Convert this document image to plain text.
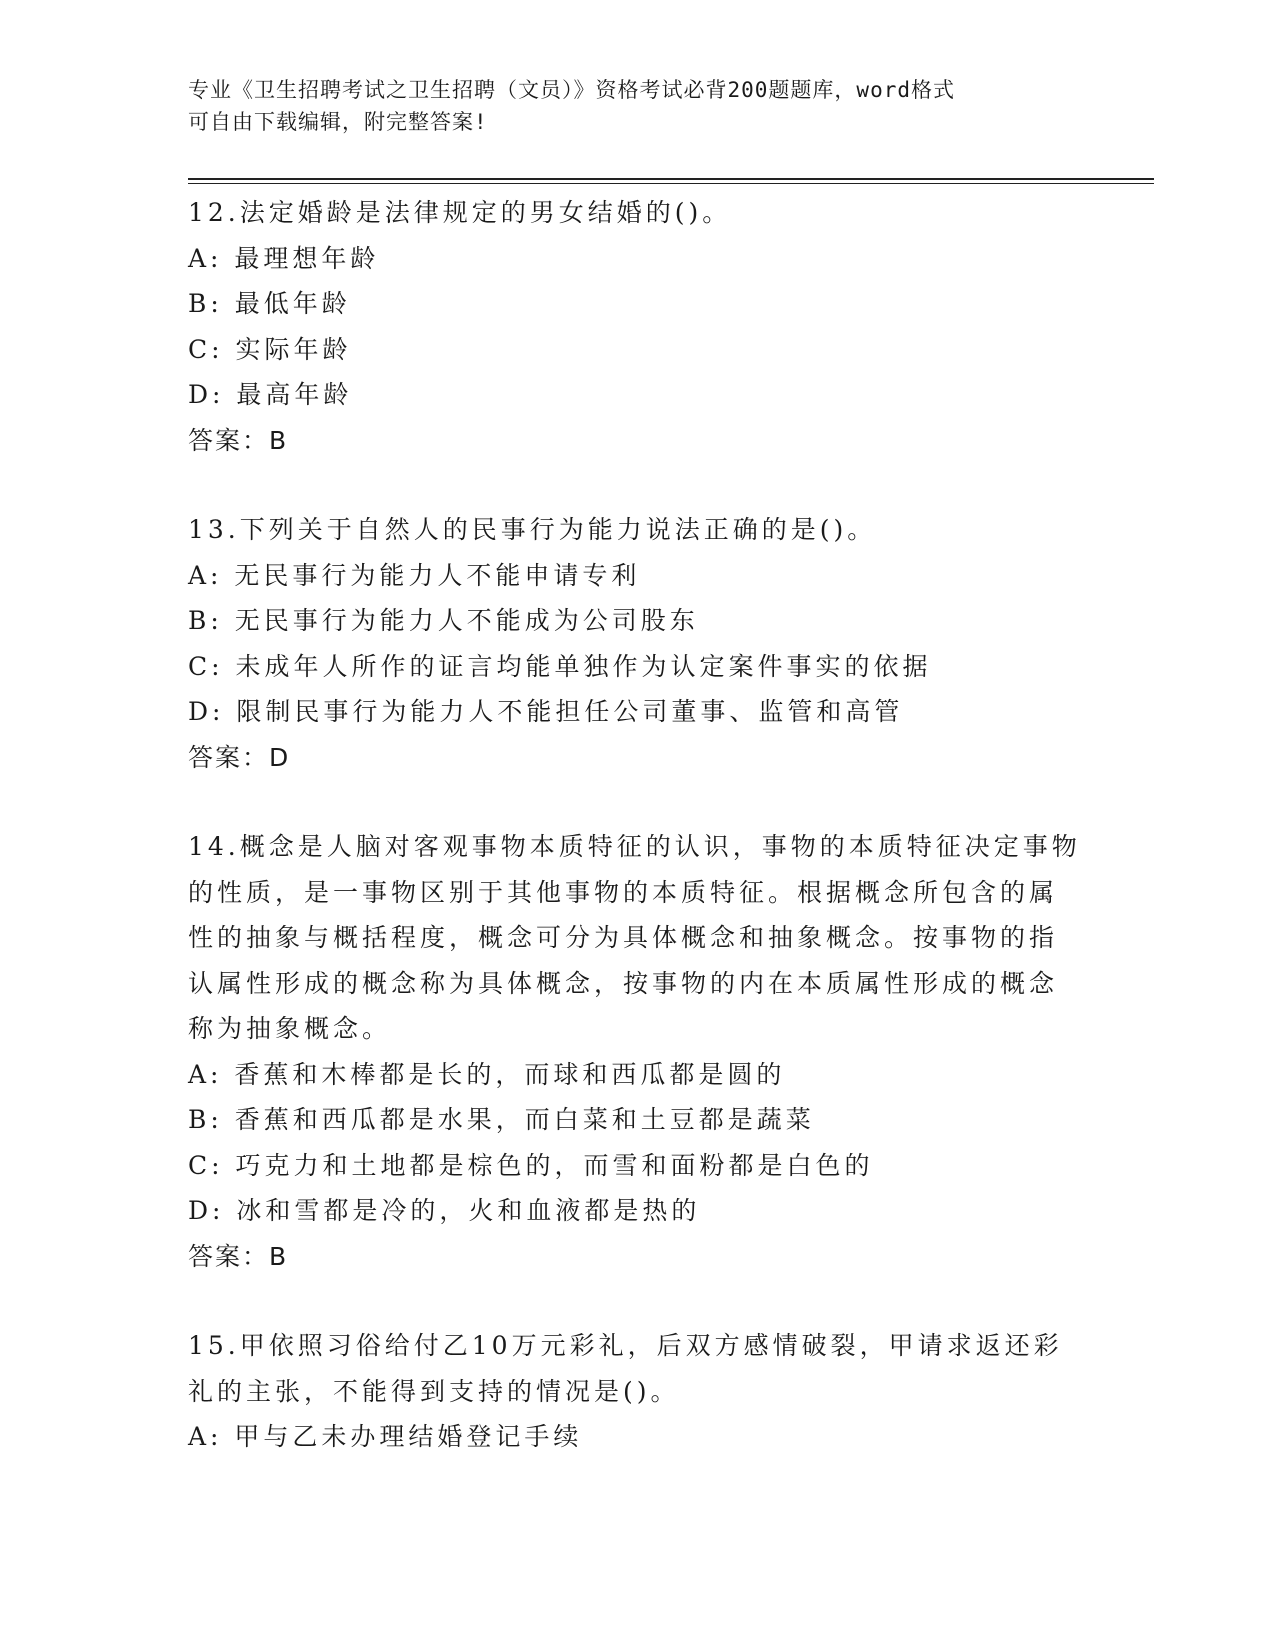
专业《卫生招聘考试之卫生招聘（文员）》资格考试必背200题题库，word格式
可自由下载编辑，附完整答案!
12.法定婚龄是法律规定的男女结婚的()。
A: 最理想年龄
B: 最低年龄
C: 实际年龄
D: 最高年龄
答案：B
13.下列关于自然人的民事行为能力说法正确的是()。
A: 无民事行为能力人不能申请专利
B: 无民事行为能力人不能成为公司股东
C: 未成年人所作的证言均能单独作为认定案件事实的依据
D: 限制民事行为能力人不能担任公司董事、监管和高管
答案：D
14.概念是人脑对客观事物本质特征的认识，事物的本质特征决定事物
的性质，是一事物区别于其他事物的本质特征。根据概念所包含的属
性的抽象与概括程度，概念可分为具体概念和抽象概念。按事物的指
认属性形成的概念称为具体概念，按事物的内在本质属性形成的概念
称为抽象概念。
A: 香蕉和木棒都是长的，而球和西瓜都是圆的
B: 香蕉和西瓜都是水果，而白菜和土豆都是蔬菜
C: 巧克力和土地都是棕色的，而雪和面粉都是白色的
D: 冰和雪都是冷的，火和血液都是热的
答案：B
15.甲依照习俗给付乙10万元彩礼，后双方感情破裂，甲请求返还彩
礼的主张，不能得到支持的情况是()。
A: 甲与乙未办理结婚登记手续
